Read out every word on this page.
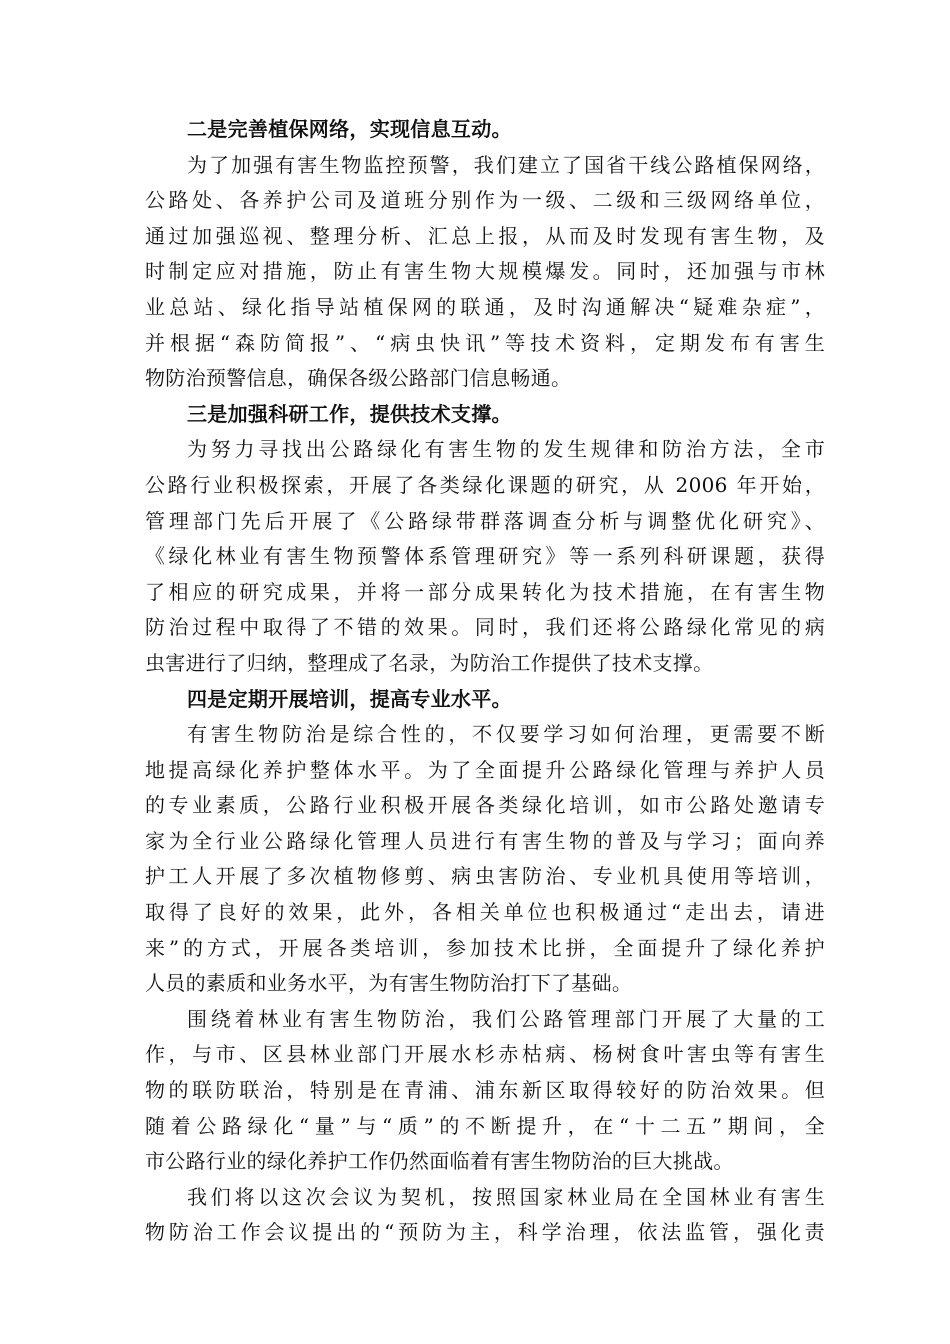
二是完善植保网络，实现信息互动。
为了加强有害生物监控预警，我们建立了国省干线公路植保网络，
公路处、各养护公司及道班分别作为一级、二级和三级网络单位，
通过加强巡视、整理分析、汇总上报，从而及时发现有害生物，及
时制定应对措施，防止有害生物大规模爆发。同时，还加强与市林
业总站、绿化指导站植保网的联通，及时沟通解决“疑难杂症”，
并根据“森防简报”、“病虫快讯”等技术资料，定期发布有害生
物防治预警信息，确保各级公路部门信息畅通。
三是加强科研工作，提供技术支撑。
为努力寻找出公路绿化有害生物的发生规律和防治方法，全市
公路行业积极探索，开展了各类绿化课题的研究，从 2006 年开始，
管理部门先后开展了《公路绿带群落调查分析与调整优化研究》、
《绿化林业有害生物预警体系管理研究》等一系列科研课题，获得
了相应的研究成果，并将一部分成果转化为技术措施，在有害生物
防治过程中取得了不错的效果。同时，我们还将公路绿化常见的病
虫害进行了归纳，整理成了名录，为防治工作提供了技术支撑。
四是定期开展培训，提高专业水平。
有害生物防治是综合性的，不仅要学习如何治理，更需要不断
地提高绿化养护整体水平。为了全面提升公路绿化管理与养护人员
的专业素质，公路行业积极开展各类绿化培训，如市公路处邀请专
家为全行业公路绿化管理人员进行有害生物的普及与学习；面向养
护工人开展了多次植物修剪、病虫害防治、专业机具使用等培训，
取得了良好的效果，此外，各相关单位也积极通过“走出去，请进
来”的方式，开展各类培训，参加技术比拼，全面提升了绿化养护
人员的素质和业务水平，为有害生物防治打下了基础。
围绕着林业有害生物防治，我们公路管理部门开展了大量的工
作，与市、区县林业部门开展水杉赤枯病、杨树食叶害虫等有害生
物的联防联治，特别是在青浦、浦东新区取得较好的防治效果。但
随着公路绿化“量”与“质”的不断提升，在“十二五”期间，全
市公路行业的绿化养护工作仍然面临着有害生物防治的巨大挑战。
我们将以这次会议为契机，按照国家林业局在全国林业有害生
物防治工作会议提出的“预防为主，科学治理，依法监管，强化责
